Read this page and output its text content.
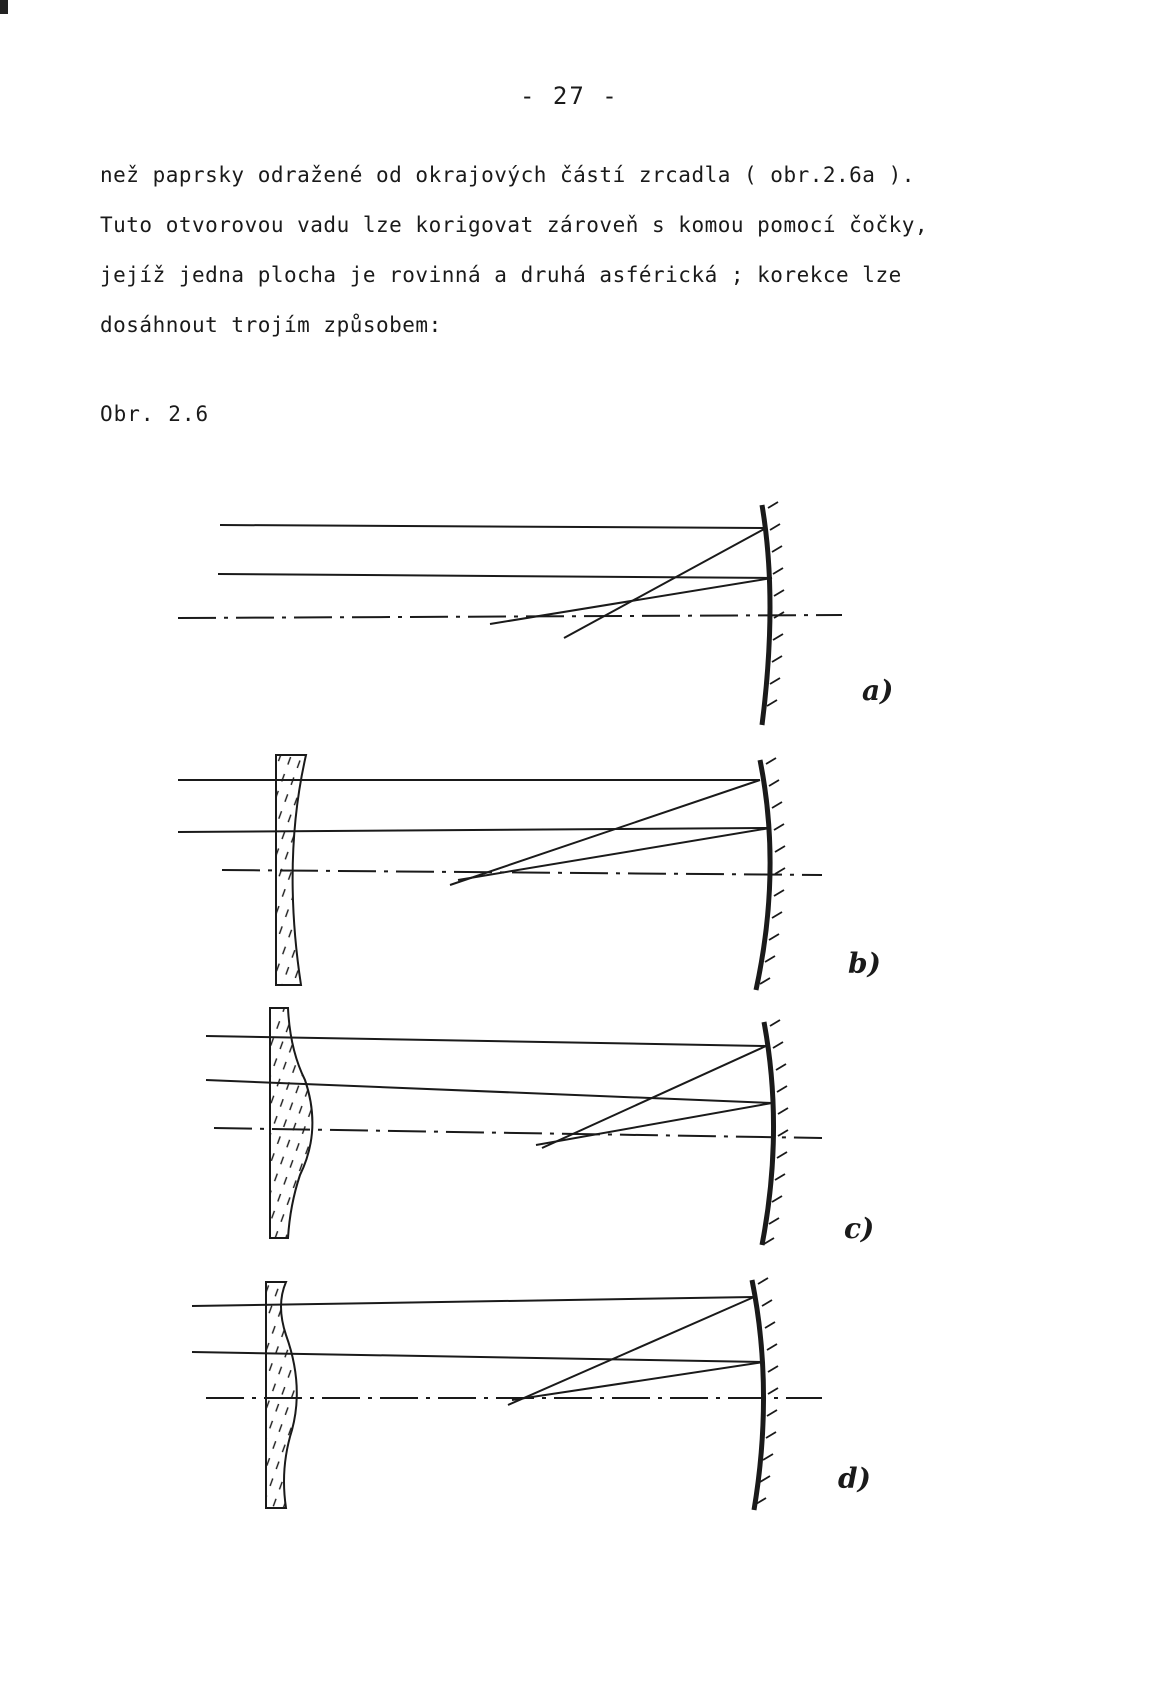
- 27 -
než paprsky odražené od okrajových částí zrcadla ( obr.2.6a ).
Tuto otvorovou vadu lze korigovat zároveň s komou pomocí čočky,
jejíž jedna plocha je rovinná a druhá asférická ; korekce lze
dosáhnout trojím způsobem:
Obr. 2.6
a)
b)
c)
d)
